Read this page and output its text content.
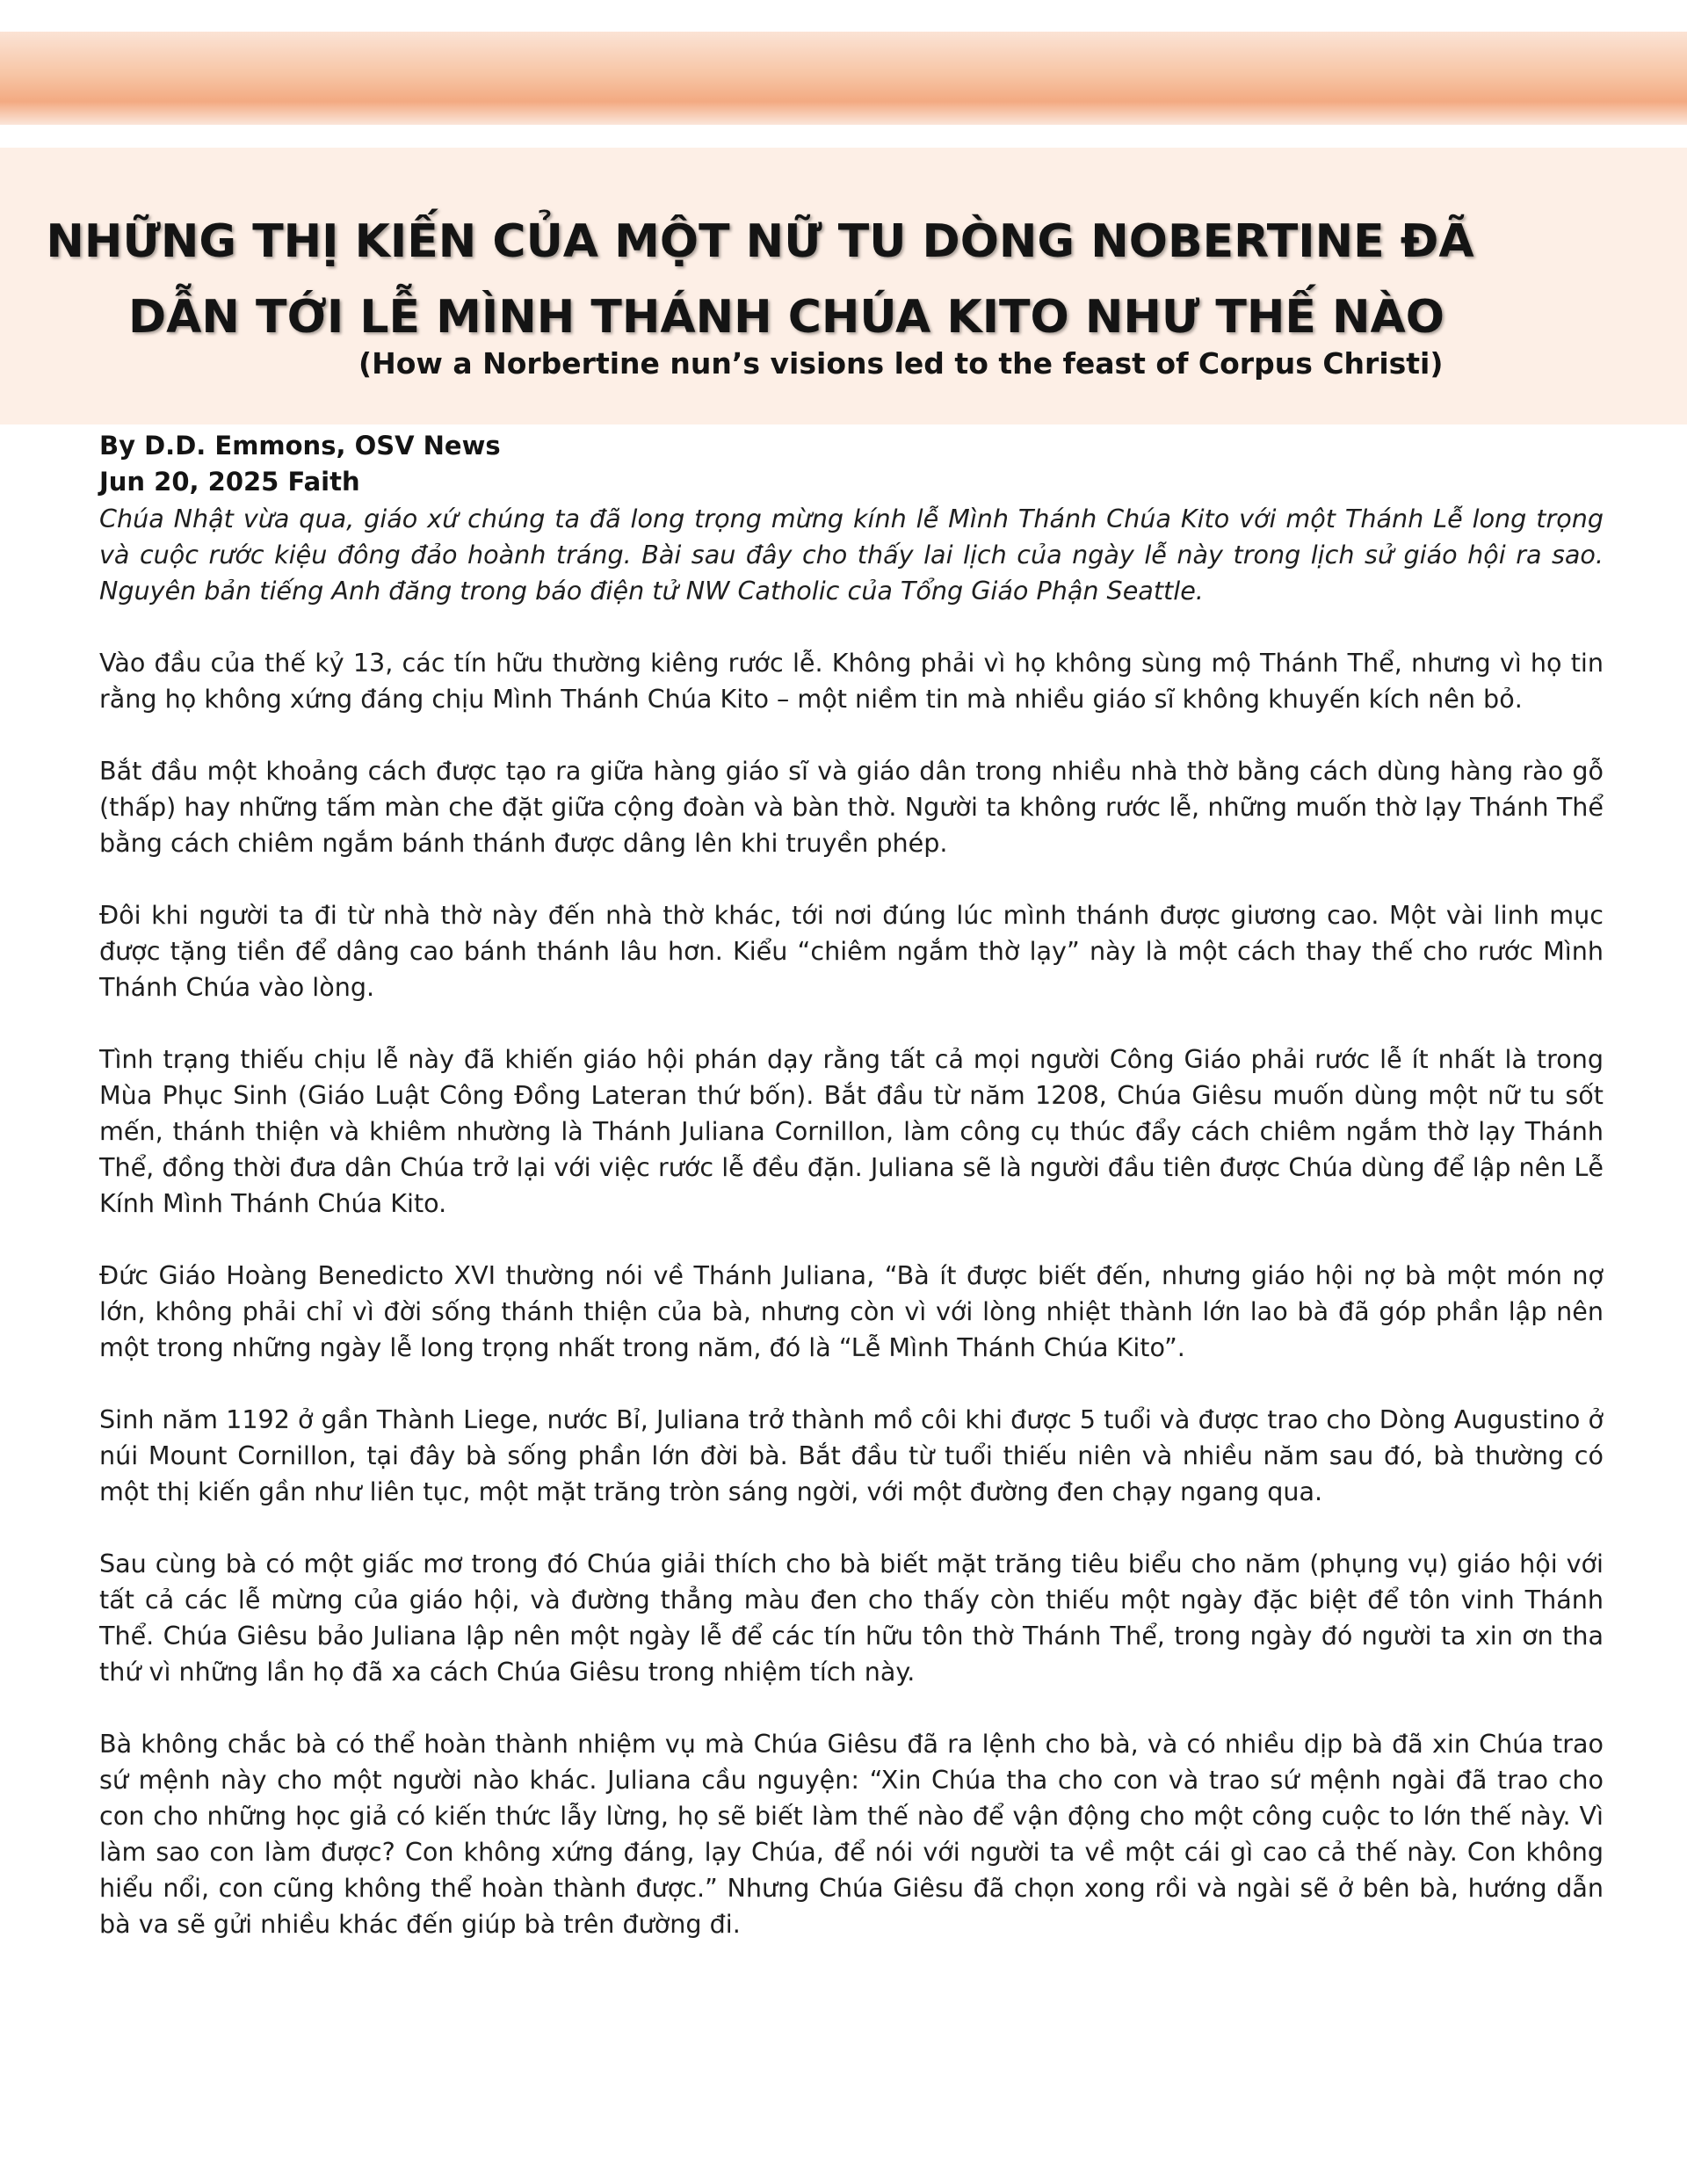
NHỮNG THỊ KIẾN CỦA MỘT NỮ TU DÒNG NOBERTINE ĐÃ
DẪN TỚI LỄ MÌNH THÁNH CHÚA KITO NHƯ THẾ NÀO

(How a Norbertine nun’s visions led to the feast of Corpus Christi)

By D.D. Emmons, OSV News
Jun 20, 2025 Faith

Chúa Nhật vừa qua, giáo xứ chúng ta đã long trọng mừng kính lễ Mình Thánh Chúa Kito với một Thánh Lễ long trọng và cuộc rước kiệu đông đảo hoành tráng. Bài sau đây cho thấy lai lịch của ngày lễ này trong lịch sử giáo hội ra sao. Nguyên bản tiếng Anh đăng trong báo điện tử NW Catholic của Tổng Giáo Phận Seattle.

Vào đầu của thế kỷ 13, các tín hữu thường kiêng rước lễ. Không phải vì họ không sùng mộ Thánh Thể, nhưng vì họ tin rằng họ không xứng đáng chịu Mình Thánh Chúa Kito – một niềm tin mà nhiều giáo sĩ không khuyến kích nên bỏ.

Bắt đầu một khoảng cách được tạo ra giữa hàng giáo sĩ và giáo dân trong nhiều nhà thờ bằng cách dùng hàng rào gỗ (thấp) hay những tấm màn che đặt giữa cộng đoàn và bàn thờ. Người ta không rước lễ, những muốn thờ lạy Thánh Thể bằng cách chiêm ngắm bánh thánh được dâng lên khi truyền phép.

Đôi khi người ta đi từ nhà thờ này đến nhà thờ khác, tới nơi đúng lúc mình thánh được giương cao. Một vài linh mục được tặng tiền để dâng cao bánh thánh lâu hơn. Kiểu “chiêm ngắm thờ lạy” này là một cách thay thế cho rước Mình Thánh Chúa vào lòng.

Tình trạng thiếu chịu lễ này đã khiến giáo hội phán dạy rằng tất cả mọi người Công Giáo phải rước lễ ít nhất là trong Mùa Phục Sinh (Giáo Luật Công Đồng Lateran thứ bốn). Bắt đầu từ năm 1208, Chúa Giêsu muốn dùng một nữ tu sốt mến, thánh thiện và khiêm nhường là Thánh Juliana Cornillon, làm công cụ thúc đẩy cách chiêm ngắm thờ lạy Thánh Thể, đồng thời đưa dân Chúa trở lại với việc rước lễ đều đặn. Juliana sẽ là người đầu tiên được Chúa dùng để lập nên Lễ Kính Mình Thánh Chúa Kito.

Đức Giáo Hoàng Benedicto XVI thường nói về Thánh Juliana, “Bà ít được biết đến, nhưng giáo hội nợ bà một món nợ lớn, không phải chỉ vì đời sống thánh thiện của bà, nhưng còn vì với lòng nhiệt thành lớn lao bà đã góp phần lập nên một trong những ngày lễ long trọng nhất trong năm, đó là “Lễ Mình Thánh Chúa Kito”.

Sinh năm 1192 ở gần Thành Liege, nước Bỉ, Juliana trở thành mồ côi khi được 5 tuổi và được trao cho Dòng Augustino ở núi Mount Cornillon, tại đây bà sống phần lớn đời bà. Bắt đầu từ tuổi thiếu niên và nhiều năm sau đó, bà thường có một thị kiến gần như liên tục, một mặt trăng tròn sáng ngời, với một đường đen chạy ngang qua.

Sau cùng bà có một giấc mơ trong đó Chúa giải thích cho bà biết mặt trăng tiêu biểu cho năm (phụng vụ) giáo hội với tất cả các lễ mừng của giáo hội, và đường thẳng màu đen cho thấy còn thiếu một ngày đặc biệt để tôn vinh Thánh Thể. Chúa Giêsu bảo Juliana lập nên một ngày lễ để các tín hữu tôn thờ Thánh Thể, trong ngày đó người ta xin ơn tha thứ vì những lần họ đã xa cách Chúa Giêsu trong nhiệm tích này.

Bà không chắc bà có thể hoàn thành nhiệm vụ mà Chúa Giêsu đã ra lệnh cho bà, và có nhiều dịp bà đã xin Chúa trao sứ mệnh này cho một người nào khác. Juliana cầu nguyện: “Xin Chúa tha cho con và trao sứ mệnh ngài đã trao cho con cho những học giả có kiến thức lẫy lừng, họ sẽ biết làm thế nào để vận động cho một công cuộc to lớn thế này. Vì làm sao con làm được? Con không xứng đáng, lạy Chúa, để nói với người ta về một cái gì cao cả thế này. Con không hiểu nổi, con cũng không thể hoàn thành được.” Nhưng Chúa Giêsu đã chọn xong rồi và ngài sẽ ở bên bà, hướng dẫn bà va sẽ gửi nhiều khác đến giúp bà trên đường đi.
